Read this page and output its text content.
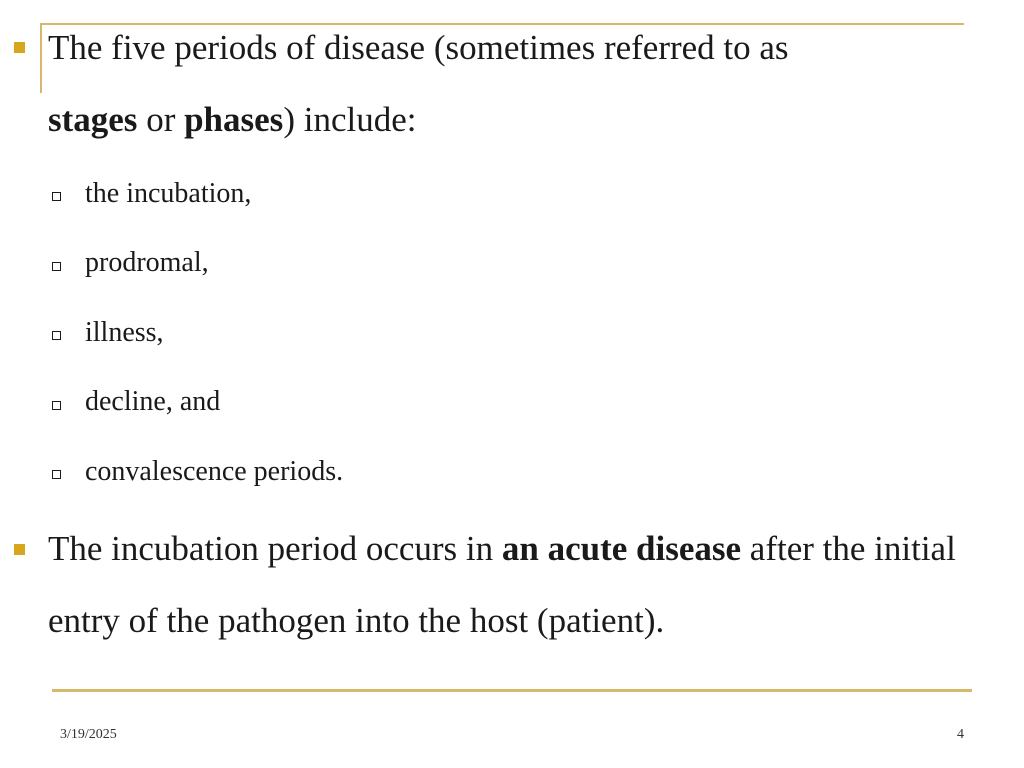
The five periods of disease (sometimes referred to as
stages or phases) include:

the incubation,
prodromal,
illness,
decline, and
convalescence periods.

The incubation period occurs in an acute disease after the initial entry of the pathogen into the host (patient).

3/19/2025	4
